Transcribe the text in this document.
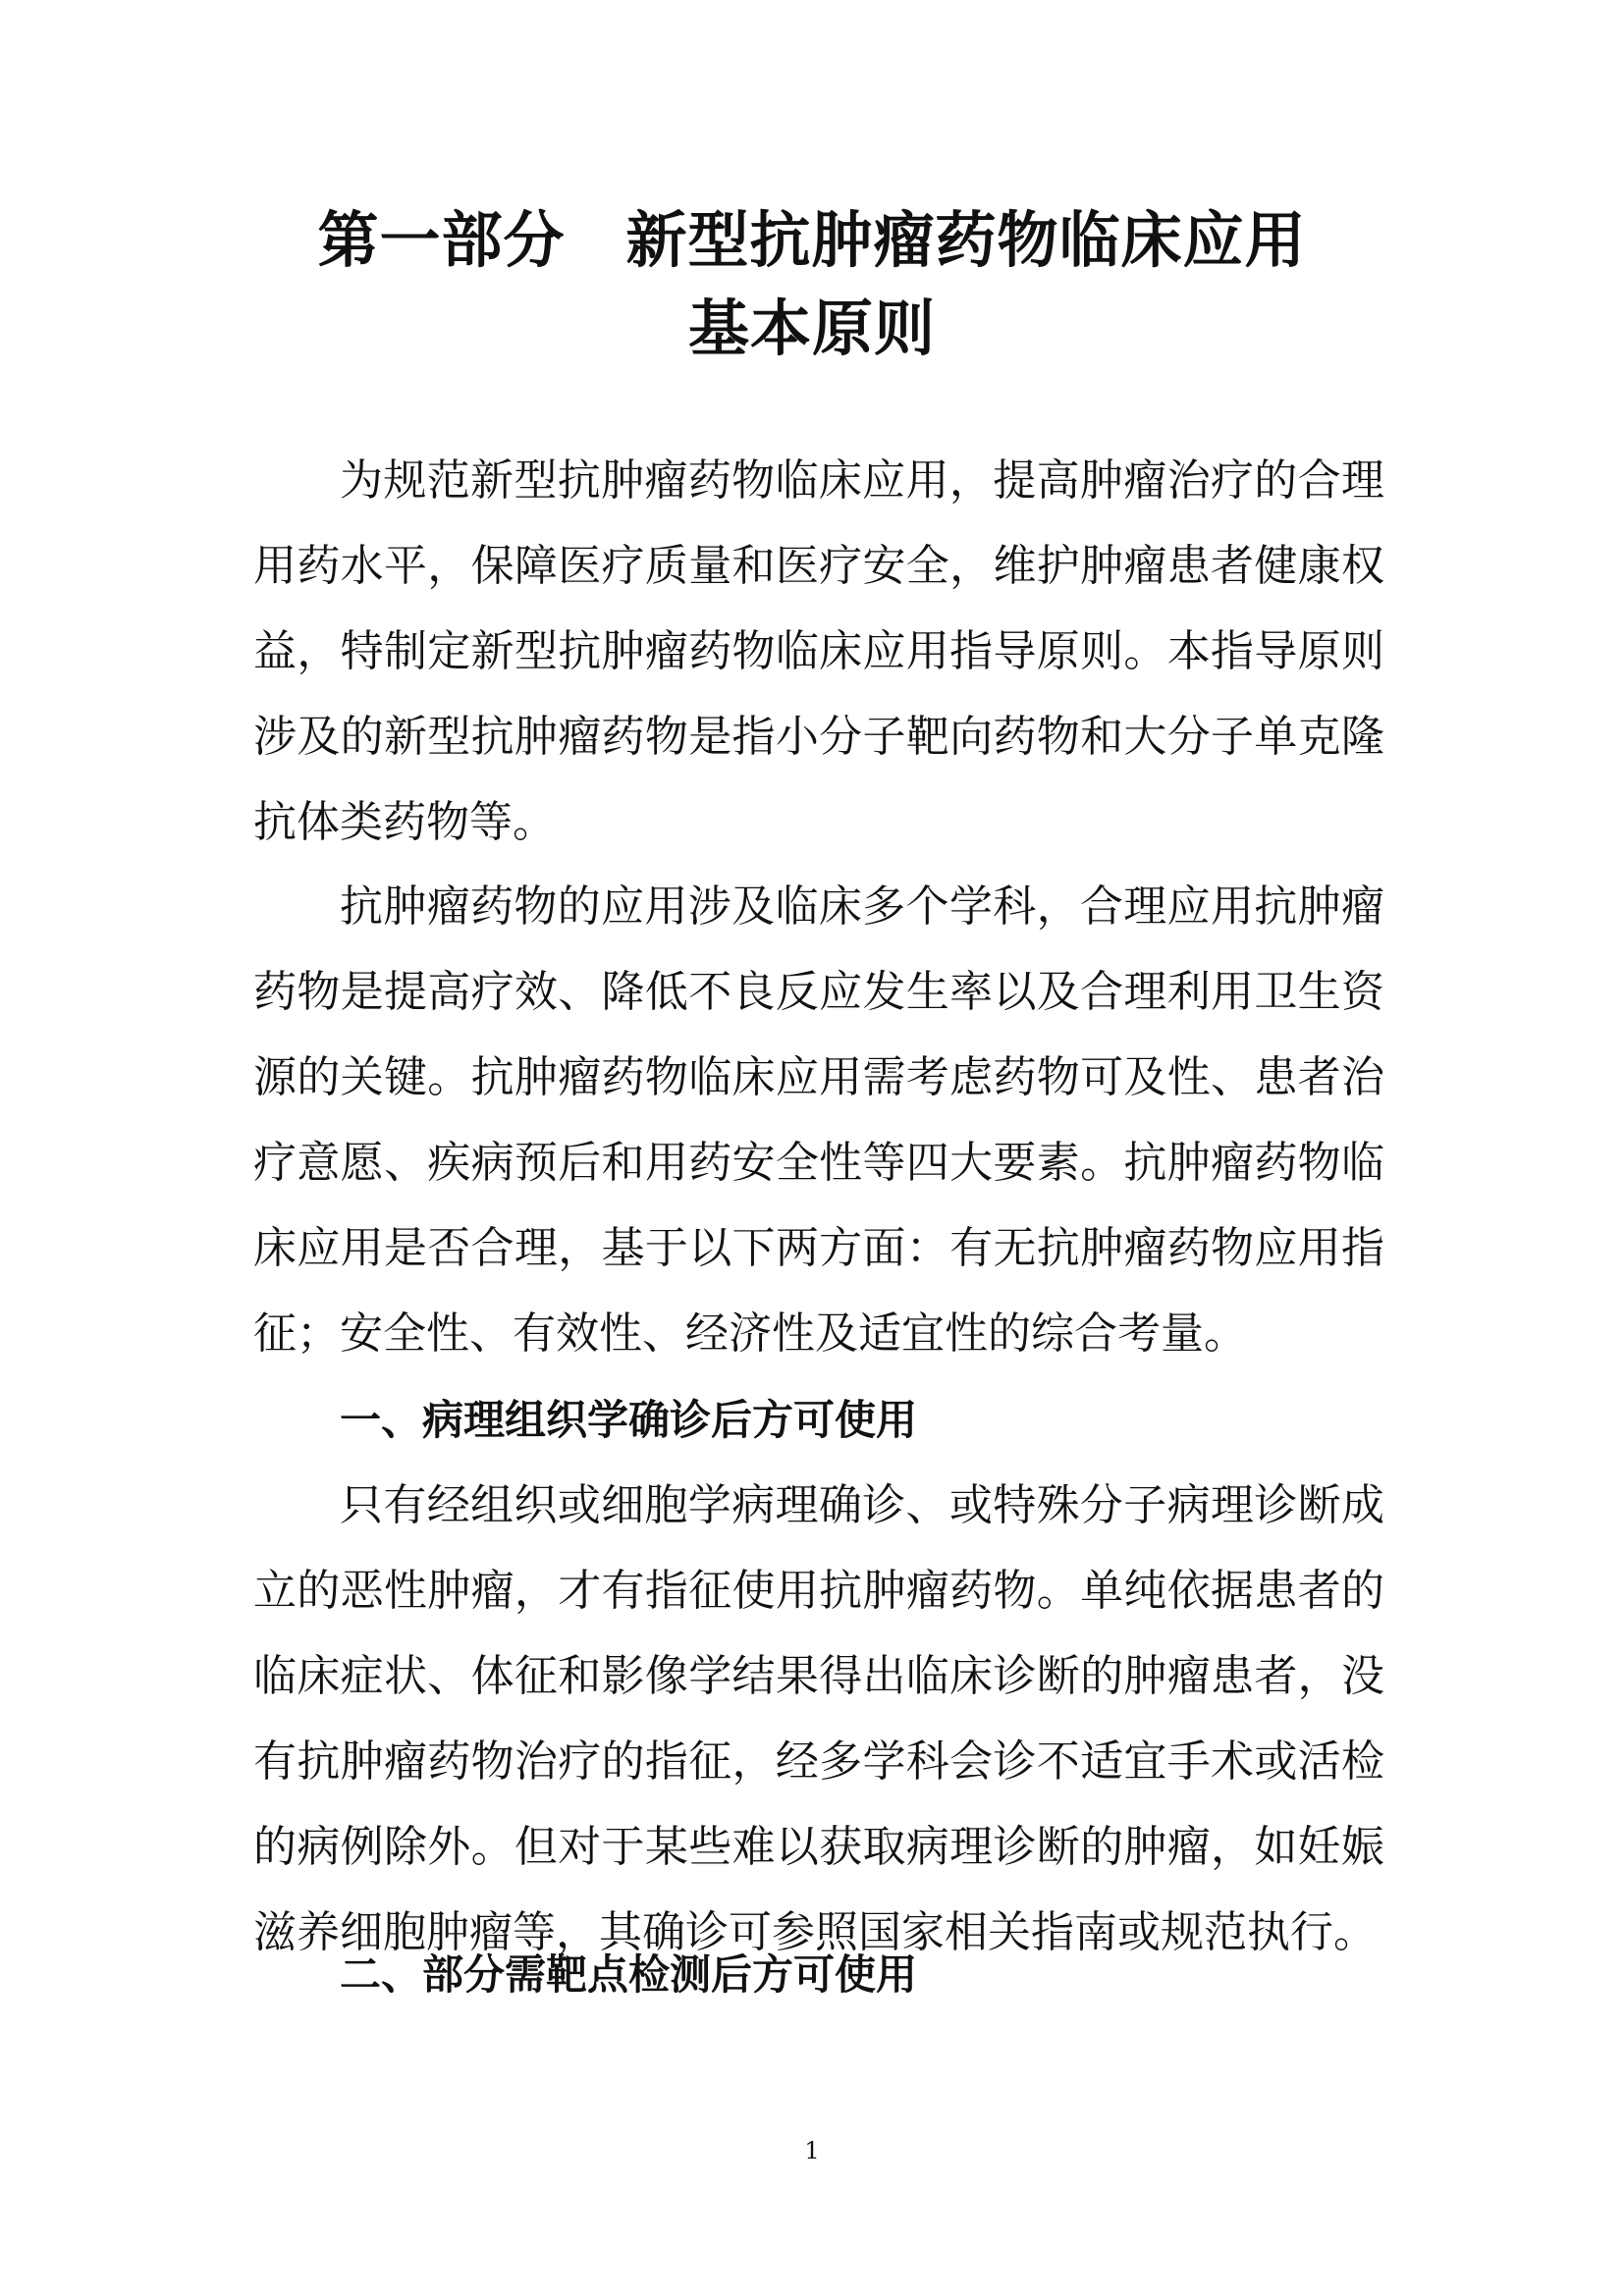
第一部分 新型抗肿瘤药物临床应用
基本原则

为规范新型抗肿瘤药物临床应用，提高肿瘤治疗的合理用药水平，保障医疗质量和医疗安全，维护肿瘤患者健康权益，特制定新型抗肿瘤药物临床应用指导原则。本指导原则涉及的新型抗肿瘤药物是指小分子靶向药物和大分子单克隆抗体类药物等。

抗肿瘤药物的应用涉及临床多个学科，合理应用抗肿瘤药物是提高疗效、降低不良反应发生率以及合理利用卫生资源的关键。抗肿瘤药物临床应用需考虑药物可及性、患者治疗意愿、疾病预后和用药安全性等四大要素。抗肿瘤药物临床应用是否合理，基于以下两方面：有无抗肿瘤药物应用指征；安全性、有效性、经济性及适宜性的综合考量。

一、病理组织学确诊后方可使用

只有经组织或细胞学病理确诊、或特殊分子病理诊断成立的恶性肿瘤，才有指征使用抗肿瘤药物。单纯依据患者的临床症状、体征和影像学结果得出临床诊断的肿瘤患者，没有抗肿瘤药物治疗的指征，经多学科会诊不适宜手术或活检的病例除外。但对于某些难以获取病理诊断的肿瘤，如妊娠滋养细胞肿瘤等，其确诊可参照国家相关指南或规范执行。

二、部分需靶点检测后方可使用
1
